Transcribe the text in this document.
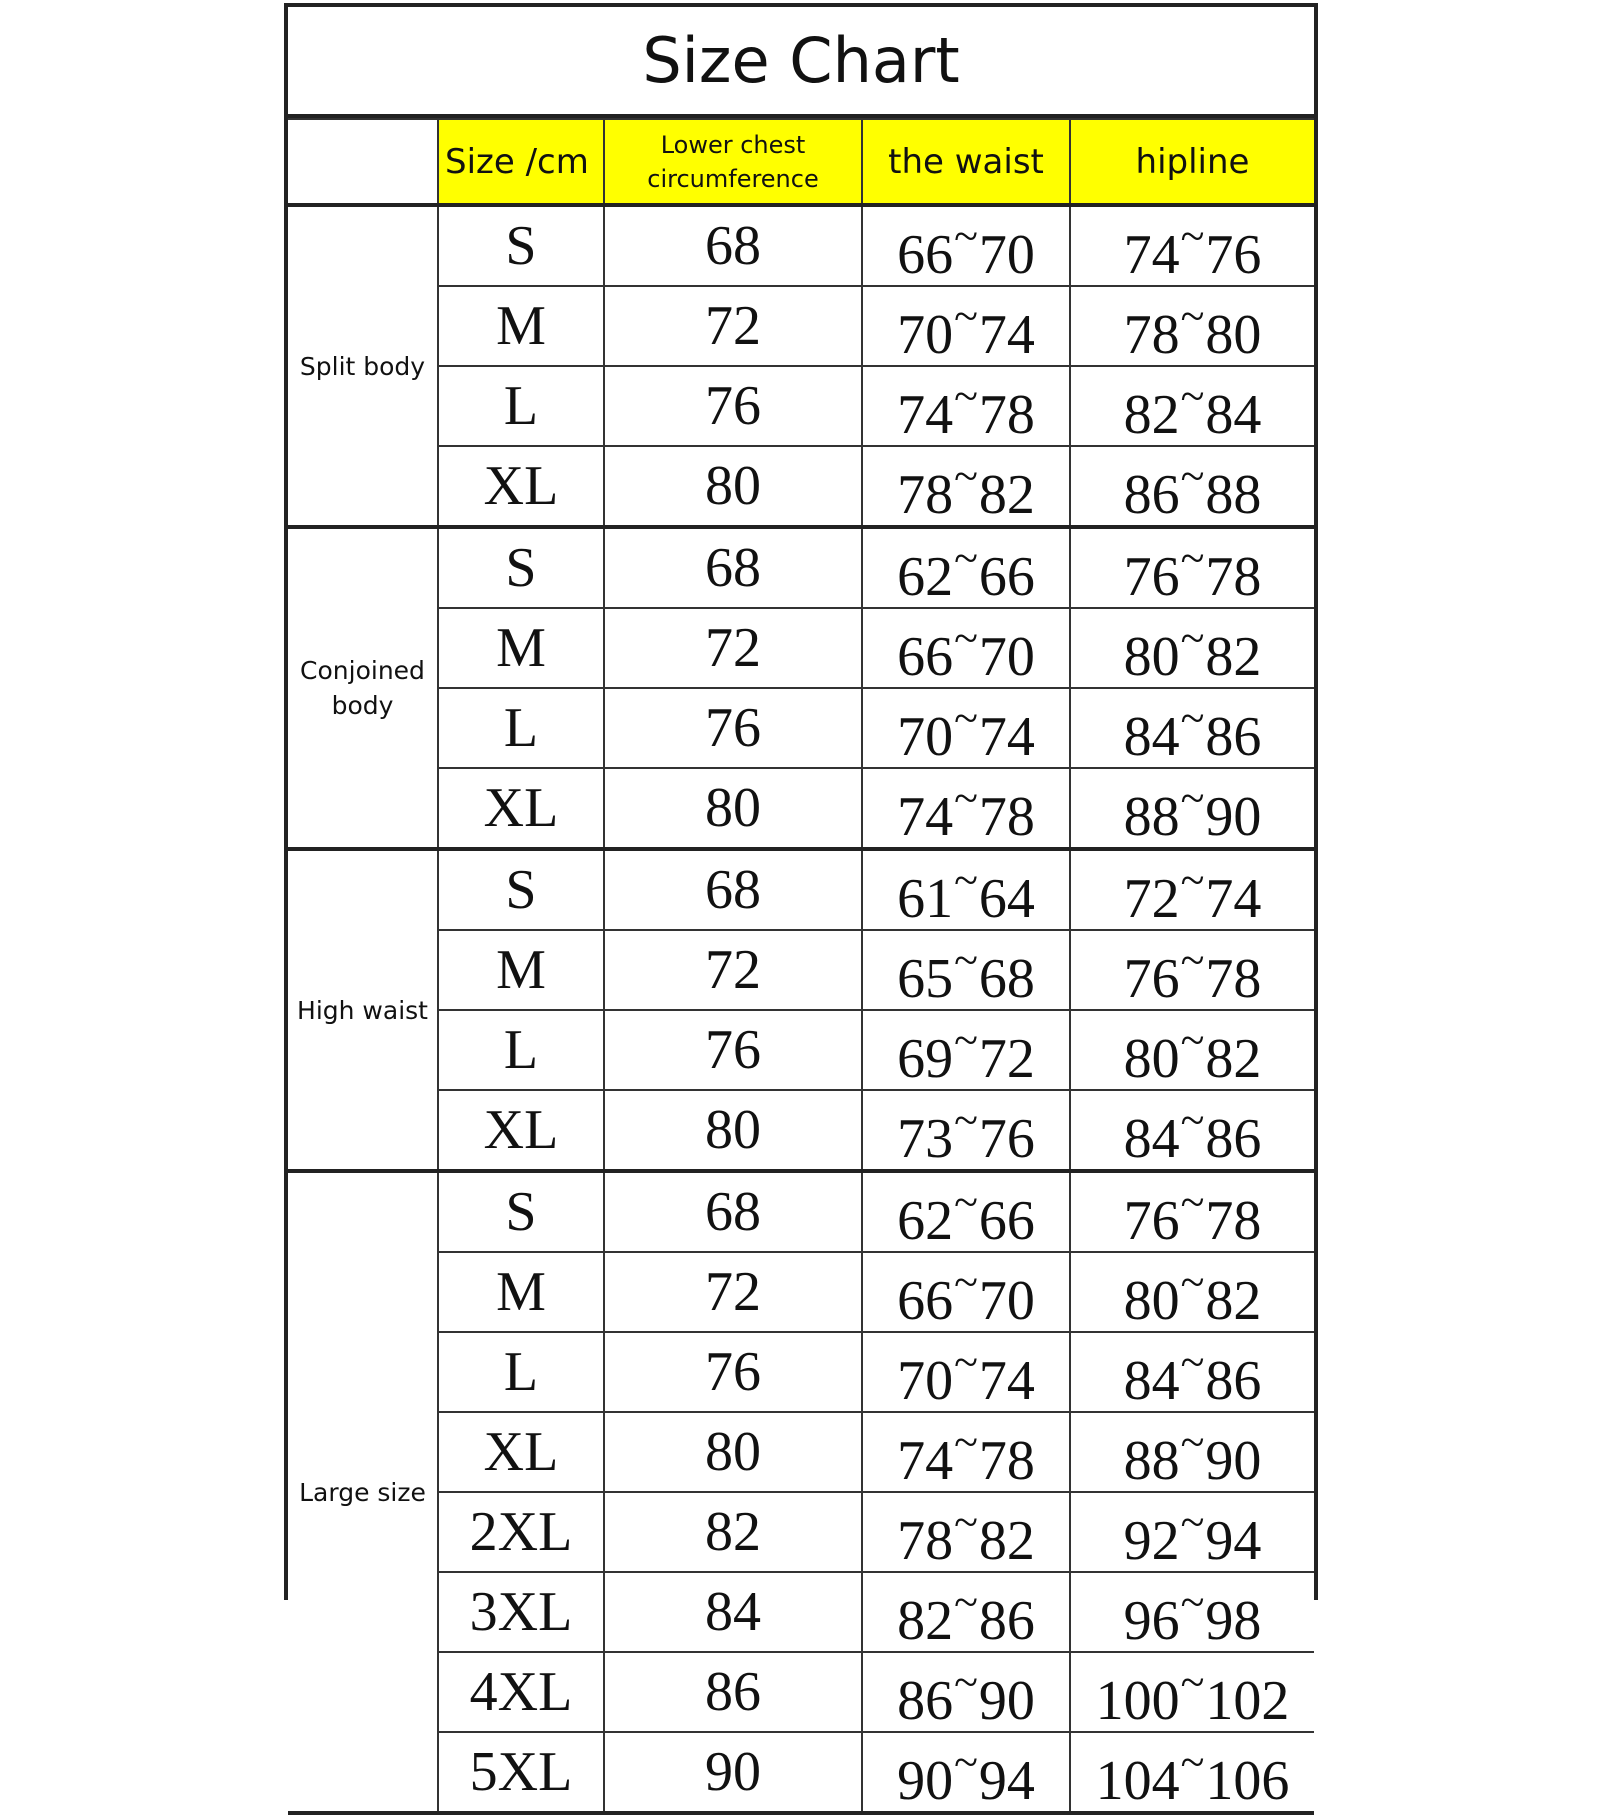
Size Chart
	Size /cm	Lower chest circumference	the waist	hipline
Split body	S	68	66~70	74~76
	M	72	70~74	78~80
	L	76	74~78	82~84
	XL	80	78~82	86~88
Conjoined body	S	68	62~66	76~78
	M	72	66~70	80~82
	L	76	70~74	84~86
	XL	80	74~78	88~90
High waist	S	68	61~64	72~74
	M	72	65~68	76~78
	L	76	69~72	80~82
	XL	80	73~76	84~86
Large size	S	68	62~66	76~78
	M	72	66~70	80~82
	L	76	70~74	84~86
	XL	80	74~78	88~90
	2XL	82	78~82	92~94
	3XL	84	82~86	96~98
	4XL	86	86~90	100~102
	5XL	90	90~94	104~106
